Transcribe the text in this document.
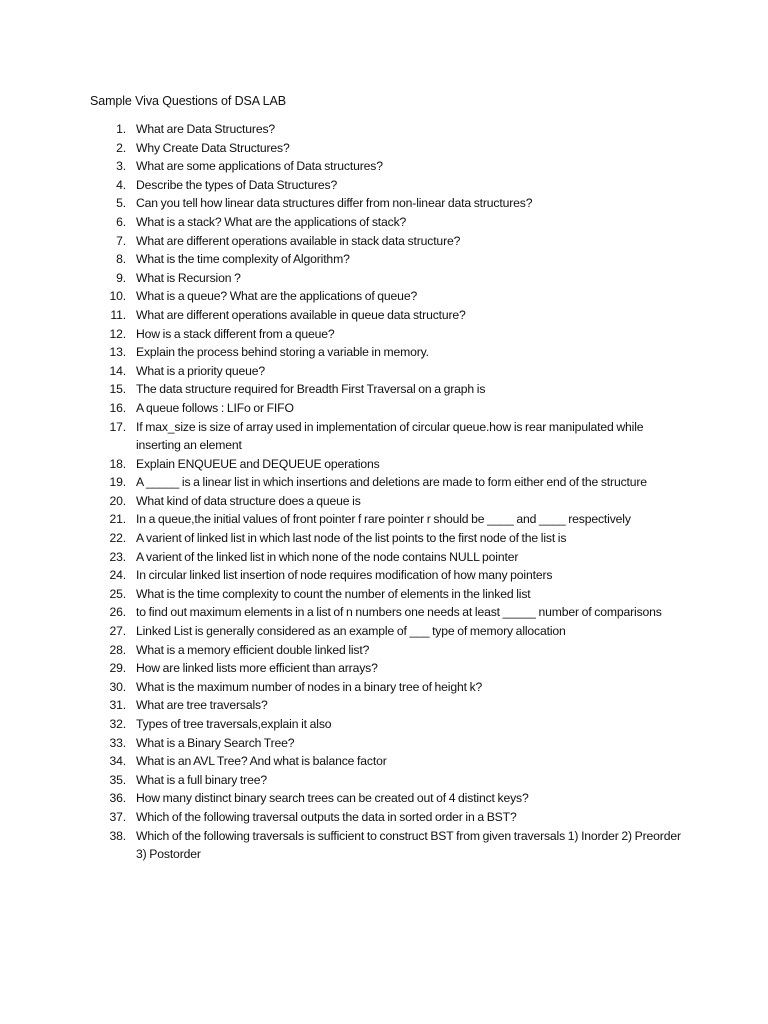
Sample Viva Questions of DSA LAB
1. What are Data Structures?
2. Why Create Data Structures?
3. What are some applications of Data structures?
4. Describe the types of Data Structures?
5. Can you tell how linear data structures differ from non-linear data structures?
6. What is a stack? What are the applications of stack?
7. What are different operations available in stack data structure?
8. What is the time complexity of Algorithm?
9. What is Recursion ?
10. What is a queue? What are the applications of queue?
11. What are different operations available in queue data structure?
12. How is a stack different from a queue?
13. Explain the process behind storing a variable in memory.
14. What is a priority queue?
15. The data structure required for Breadth First Traversal on a graph is
16. A queue follows : LIFo or FIFO
17. If max_size is size of array used in implementation of circular queue.how is rear manipulated while inserting an element
18. Explain ENQUEUE and DEQUEUE operations
19. A _____ is a linear list in which insertions and deletions are made to form either end of the structure
20. What kind of data structure does a queue is
21. In a queue,the initial values of front pointer f rare pointer r should be ____ and ____ respectively
22. A varient of linked list in which last node of the list points to the first node of the list is
23. A varient of the linked list in which none of the node contains NULL pointer
24. In circular linked list insertion of node requires modification of how many pointers
25. What is the time complexity to count the number of elements in the linked list
26. to find out maximum elements in a list of n numbers one needs at least _____ number of comparisons
27. Linked List is generally considered as an example of ___ type of memory allocation
28. What is a memory efficient double linked list?
29. How are linked lists more efficient than arrays?
30. What is the maximum number of nodes in a binary tree of height k?
31. What are tree traversals?
32. Types of tree traversals,explain it also
33. What is a Binary Search Tree?
34. What is an AVL Tree? And what is balance factor
35. What is a full binary tree?
36. How many distinct binary search trees can be created out of 4 distinct keys?
37. Which of the following traversal outputs the data in sorted order in a BST?
38. Which of the following traversals is sufficient to construct BST from given traversals 1) Inorder 2) Preorder 3) Postorder
